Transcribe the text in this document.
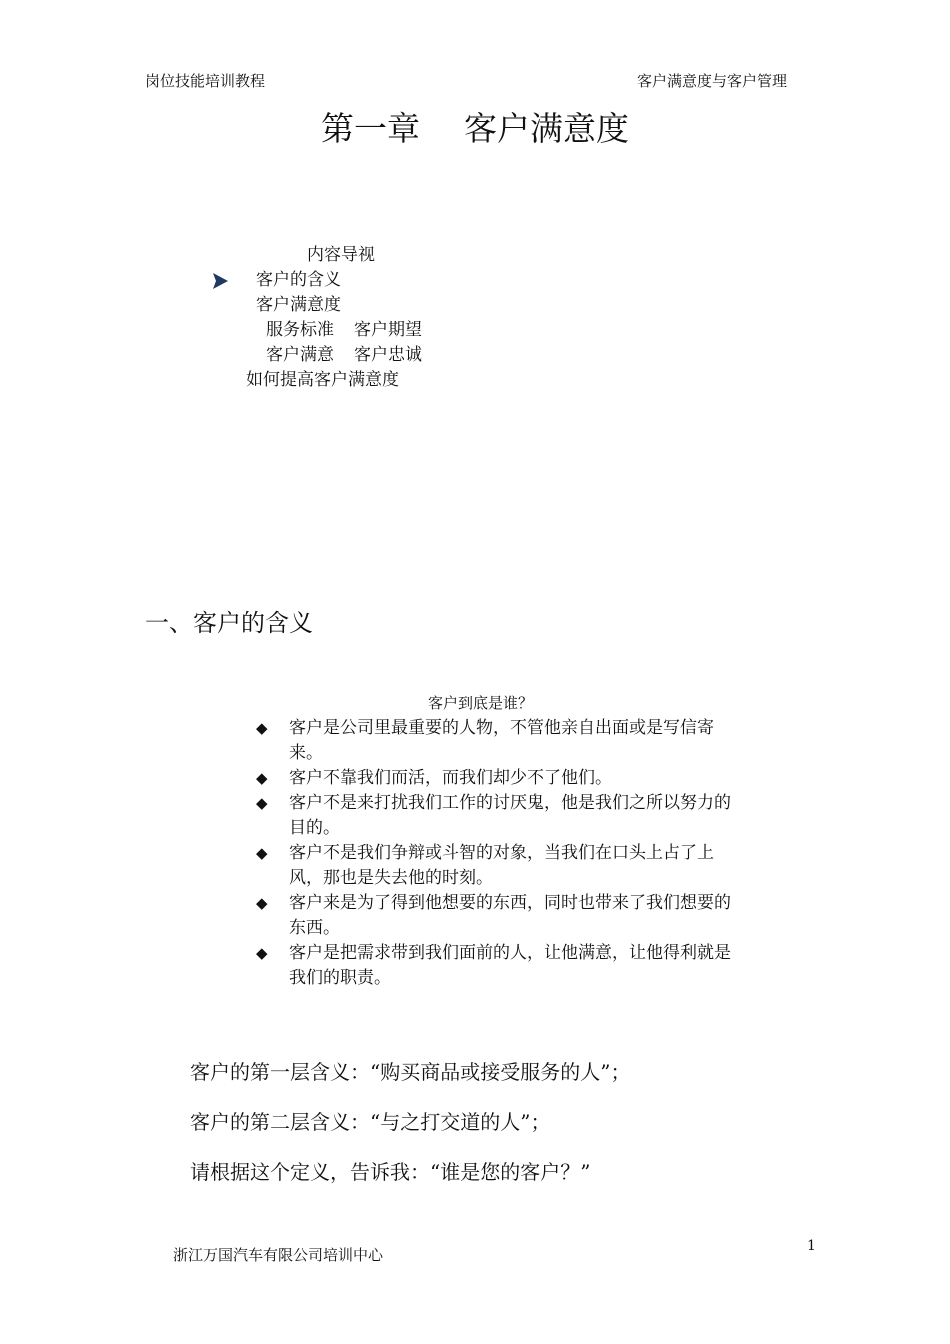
岗位技能培训教程	客户满意度与客户管理
第一章 客户满意度
内容导视
客户的含义
客户满意度
服务标准 客户期望
客户满意 客户忠诚
如何提高客户满意度
一、客户的含义
客户到底是谁？
◆ 客户是公司里最重要的人物，不管他亲自出面或是写信寄来。
◆ 客户不靠我们而活，而我们却少不了他们。
◆ 客户不是来打扰我们工作的讨厌鬼，他是我们之所以努力的目的。
◆ 客户不是我们争辩或斗智的对象，当我们在口头上占了上风，那也是失去他的时刻。
◆ 客户来是为了得到他想要的东西，同时也带来了我们想要的东西。
◆ 客户是把需求带到我们面前的人，让他满意，让他得利就是我们的职责。
客户的第一层含义：“购买商品或接受服务的人”；
客户的第二层含义：“与之打交道的人”；
请根据这个定义，告诉我：“谁是您的客户？”
浙江万国汽车有限公司培训中心	1
